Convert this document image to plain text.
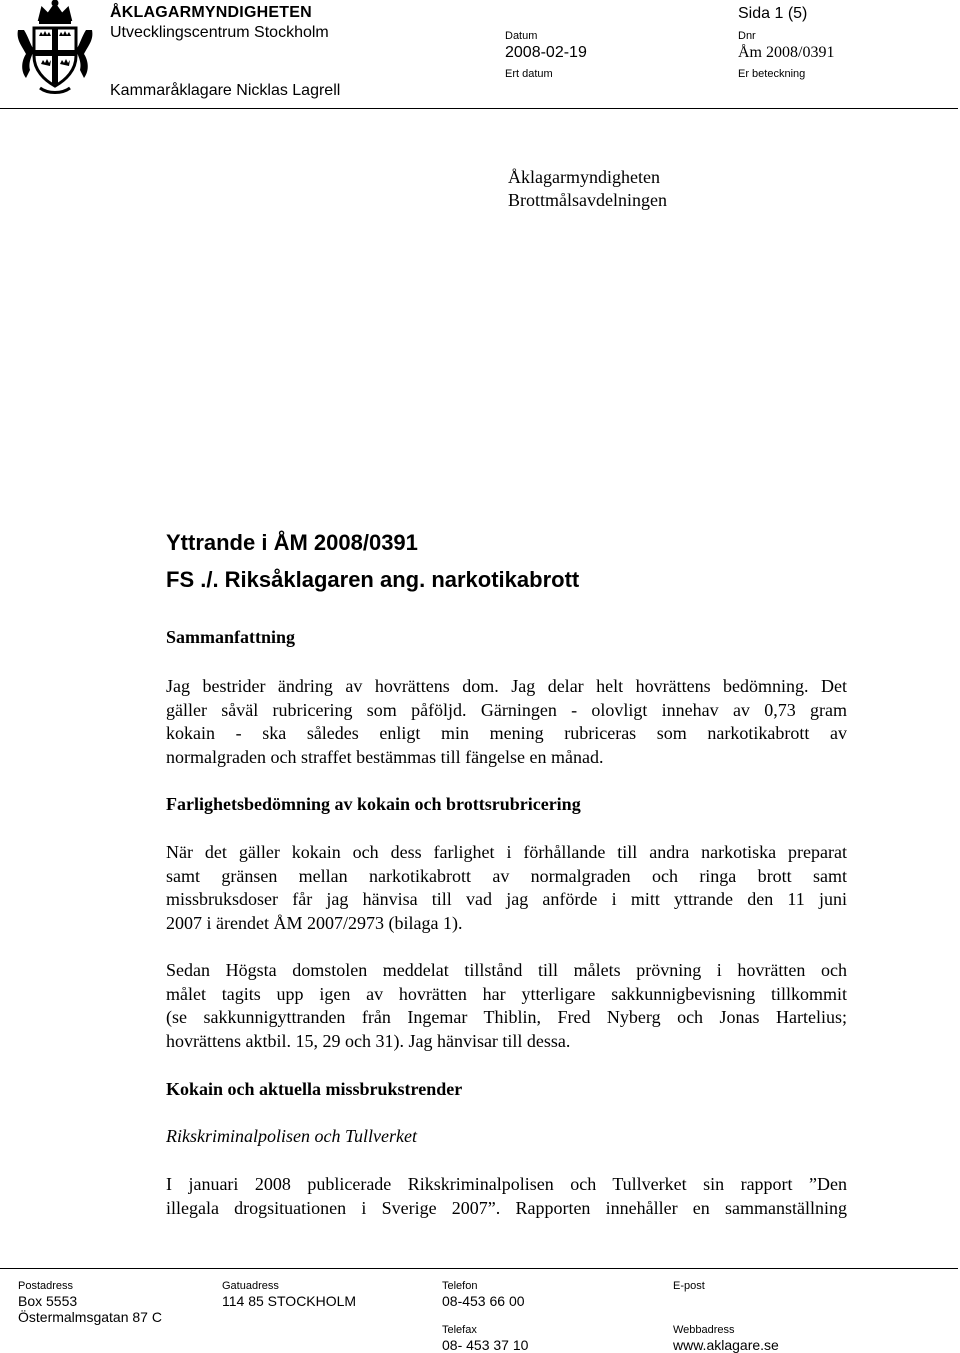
ÅKLAGARMYNDIGHETEN
Utvecklingscentrum Stockholm
Kammaråklagare Nicklas Lagrell
Datum
2008-02-19
Ert datum
Sida 1 (5)
Dnr
Åm 2008/0391
Er beteckning
Åklagarmyndigheten
Brottmålsavdelningen
Yttrande i ÅM 2008/0391
FS ./. Riksåklagaren ang. narkotikabrott
Sammanfattning
Jag bestrider ändring av hovrättens dom. Jag delar helt hovrättens bedömning. Det
gäller såväl rubricering som påföljd. Gärningen - olovligt innehav av 0,73 gram
kokain - ska således enligt min mening rubriceras som narkotikabrott av
normalgraden och straffet bestämmas till fängelse en månad.
Farlighetsbedömning av kokain och brottsrubricering
När det gäller kokain och dess farlighet i förhållande till andra narkotiska preparat
samt gränsen mellan narkotikabrott av normalgraden och ringa brott samt
missbruksdoser får jag hänvisa till vad jag anförde i mitt yttrande den 11 juni
2007 i ärendet ÅM 2007/2973 (bilaga 1).
Sedan Högsta domstolen meddelat tillstånd till målets prövning i hovrätten och
målet tagits upp igen av hovrätten har ytterligare sakkunnigbevisning tillkommit
(se sakkunnigyttranden från Ingemar Thiblin, Fred Nyberg och Jonas Hartelius;
hovrättens aktbil. 15, 29 och 31). Jag hänvisar till dessa.
Kokain och aktuella missbrukstrender
Rikskriminalpolisen och Tullverket
I januari 2008 publicerade Rikskriminalpolisen och Tullverket sin rapport ”Den
illegala drogsituationen i Sverige 2007”. Rapporten innehåller en sammanställning
Postadress
Box 5553
Östermalmsgatan 87 C
Gatuadress
114 85 STOCKHOLM
Telefon
08-453 66 00
Telefax
08- 453 37 10
E-post
Webbadress
www.aklagare.se
